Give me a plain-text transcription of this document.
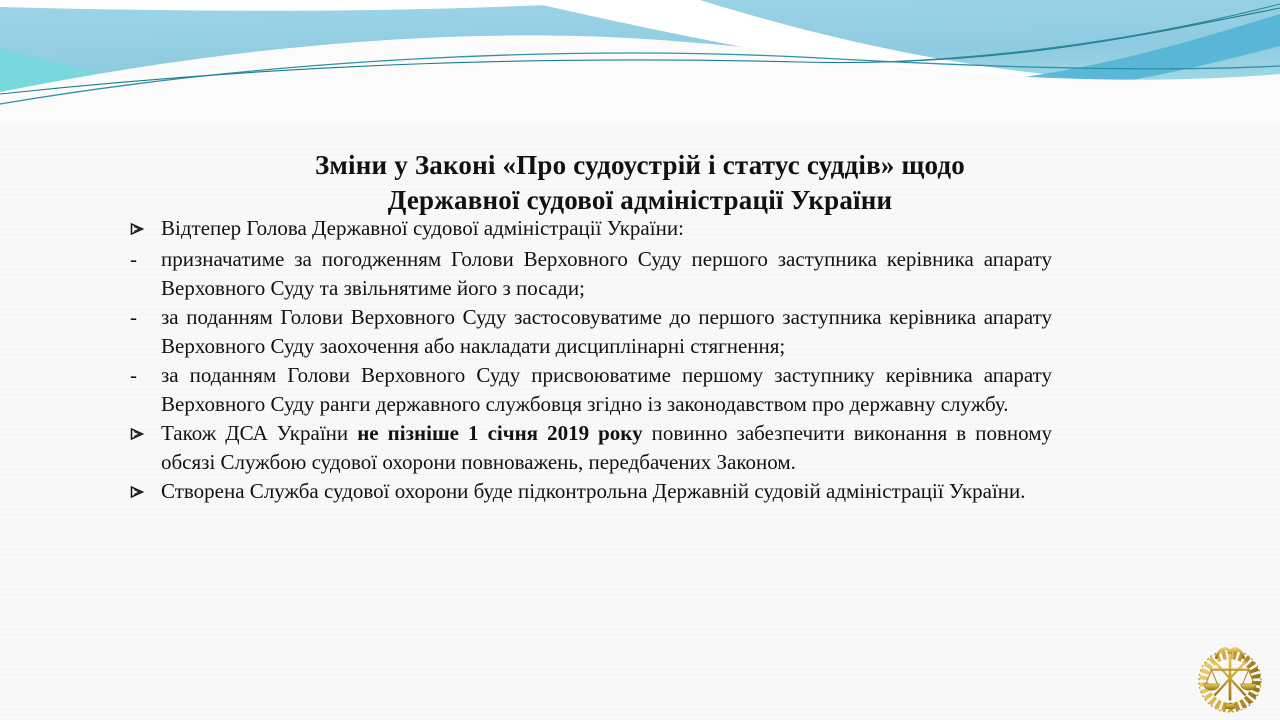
Зміни у Законі «Про судоустрій і статус суддів» щодо
Державної судової адміністрації України
Відтепер Голова Державної судової адміністрації України:
-	призначатиме за погодженням Голови Верховного Суду першого заступника керівника апарату Верховного Суду та звільнятиме його з посади;
-	за поданням Голови Верховного Суду застосовуватиме до першого заступника керівника апарату Верховного Суду заохочення або накладати дисциплінарні стягнення;
-	за поданням Голови Верховного Суду присвоюватиме першому заступнику керівника апарату Верховного Суду ранги державного службовця згідно із законодавством про державну службу.
Також ДСА України не пізніше 1 січня 2019 року повинно забезпечити виконання в повному обсязі Службою судової охорони повноважень, передбачених Законом.
Створена Служба судової охорони буде підконтрольна Державній судовій адміністрації України.
